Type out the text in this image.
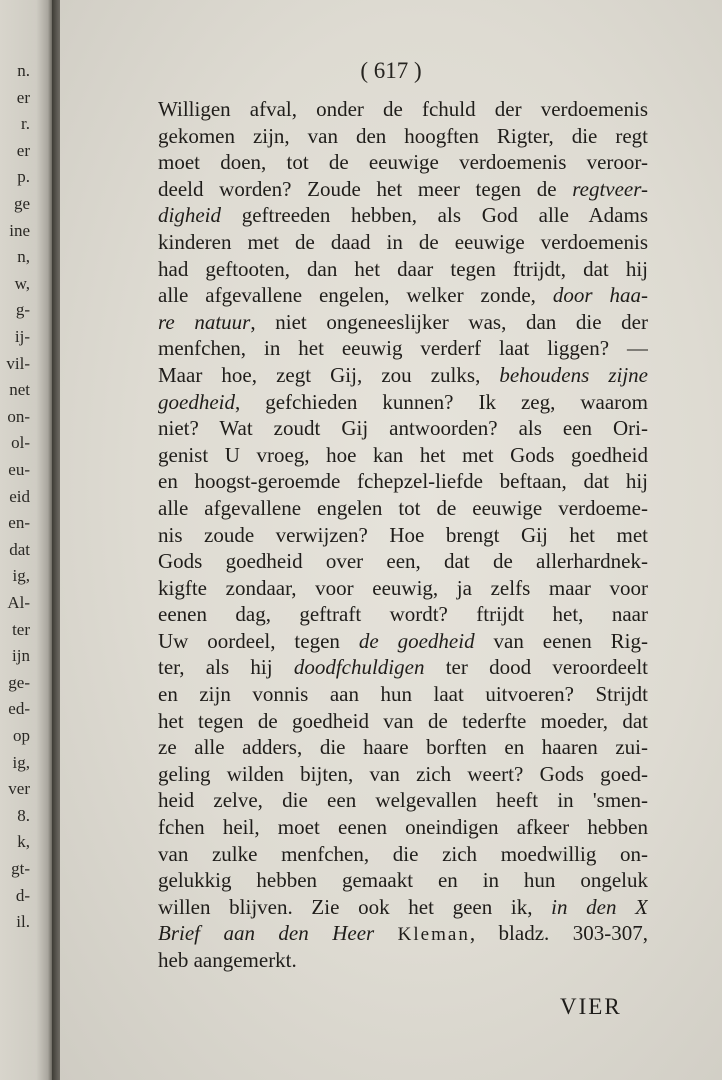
n.
er
r.
er
p.
ge
ine
n,
w,
g-
ij-
vil-
net
on-
ol-
eu-
eid
en-
dat
ig,
Al-
ter
ijn
ge-
ed-
op
ig,
ver
8.
k,
gt-
d-
il.
( 617 )
Willigen afval, onder de fchuld der verdoemenis
gekomen zijn, van den hoogften Rigter, die regt
moet doen, tot de eeuwige verdoemenis veroor-
deeld worden? Zoude het meer tegen de regtveer-
digheid geftreeden hebben, als God alle Adams
kinderen met de daad in de eeuwige verdoemenis
had geftooten, dan het daar tegen ftrijdt, dat hij
alle afgevallene engelen, welker zonde, door haa-
re natuur, niet ongeneeslijker was, dan die der
menfchen, in het eeuwig verderf laat liggen? —
Maar hoe, zegt Gij, zou zulks, behoudens zijne
goedheid, gefchieden kunnen? Ik zeg, waarom
niet? Wat zoudt Gij antwoorden? als een Ori-
genist U vroeg, hoe kan het met Gods goedheid
en hoogst-geroemde fchepzel-liefde beftaan, dat hij
alle afgevallene engelen tot de eeuwige verdoeme-
nis zoude verwijzen? Hoe brengt Gij het met
Gods goedheid over een, dat de allerhardnek-
kigfte zondaar, voor eeuwig, ja zelfs maar voor
eenen dag, geftraft wordt? ftrijdt het, naar
Uw oordeel, tegen de goedheid van eenen Rig-
ter, als hij doodfchuldigen ter dood veroordeelt
en zijn vonnis aan hun laat uitvoeren? Strijdt
het tegen de goedheid van de tederfte moeder, dat
ze alle adders, die haare borften en haaren zui-
geling wilden bijten, van zich weert? Gods goed-
heid zelve, die een welgevallen heeft in 'smen-
fchen heil, moet eenen oneindigen afkeer hebben
van zulke menfchen, die zich moedwillig on-
gelukkig hebben gemaakt en in hun ongeluk
willen blijven. Zie ook het geen ik, in den X
Brief aan den Heer Kleman, bladz. 303-307,
heb aangemerkt.
VIER
